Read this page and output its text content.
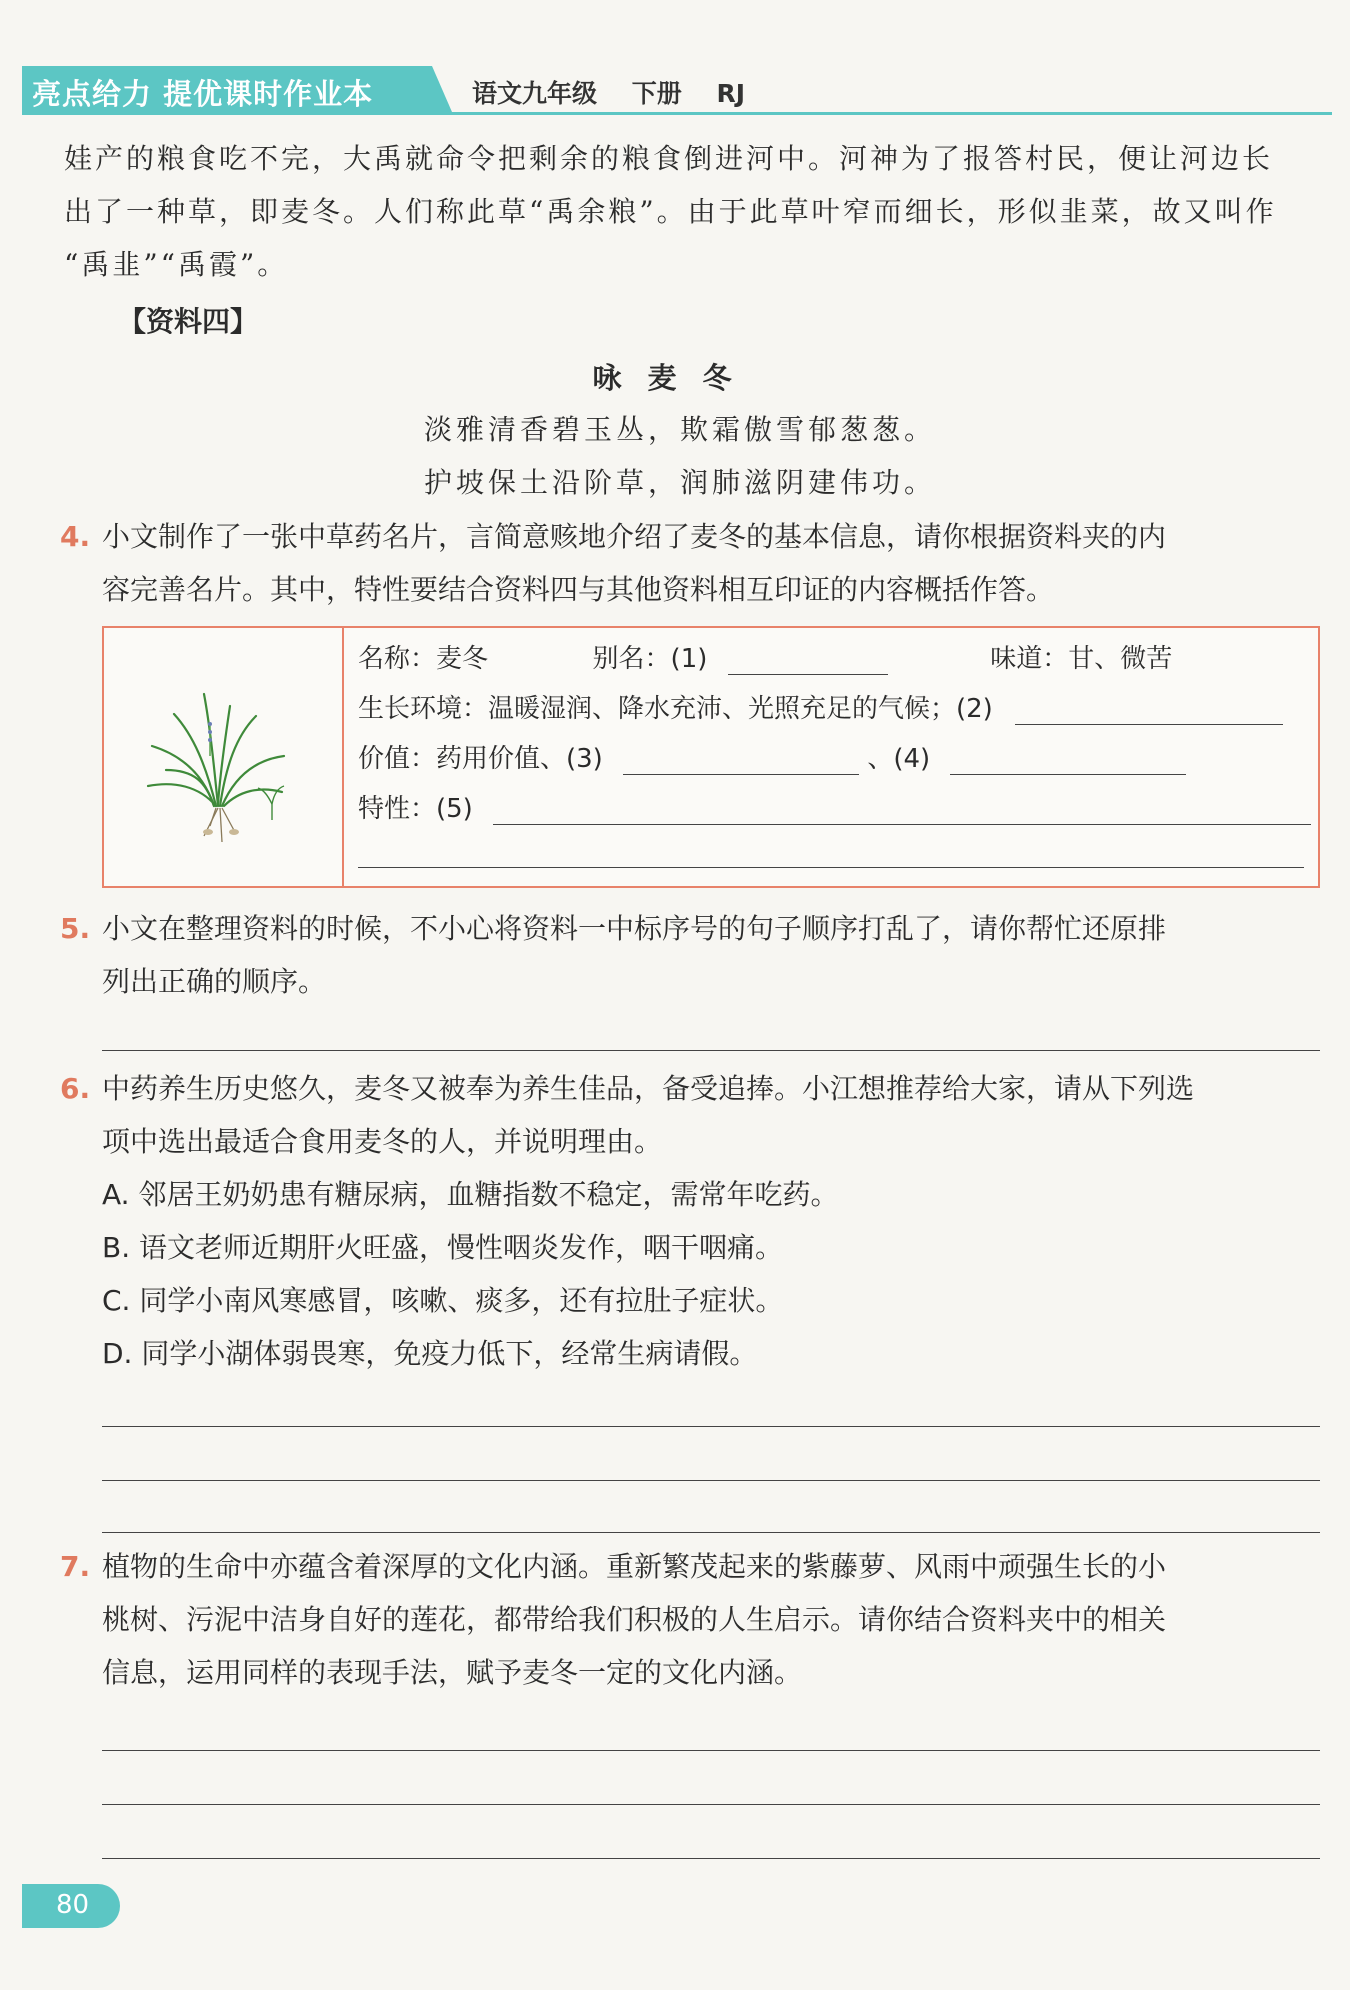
亮点给力 提优课时作业本	语文九年级 下册 RJ
娃产的粮食吃不完，大禹就命令把剩余的粮食倒进河中。河神为了报答村民，便让河边长
出了一种草，即麦冬。人们称此草“禹余粮”。由于此草叶窄而细长，形似韭菜，故又叫作
“禹韭”“禹霞”。
【资料四】
咏麦冬
淡雅清香碧玉丛，欺霜傲雪郁葱葱。
护坡保土沿阶草，润肺滋阴建伟功。
4. 小文制作了一张中草药名片，言简意赅地介绍了麦冬的基本信息，请你根据资料夹的内
容完善名片。其中，特性要结合资料四与其他资料相互印证的内容概括作答。
名称：麦冬	别名：(1)	味道：甘、微苦
生长环境：温暖湿润、降水充沛、光照充足的气候；(2)
价值：药用价值、(3)	、(4)
特性：(5)
5. 小文在整理资料的时候，不小心将资料一中标序号的句子顺序打乱了，请你帮忙还原排
列出正确的顺序。
6. 中药养生历史悠久，麦冬又被奉为养生佳品，备受追捧。小江想推荐给大家，请从下列选
项中选出最适合食用麦冬的人，并说明理由。
A. 邻居王奶奶患有糖尿病，血糖指数不稳定，需常年吃药。
B. 语文老师近期肝火旺盛，慢性咽炎发作，咽干咽痛。
C. 同学小南风寒感冒，咳嗽、痰多，还有拉肚子症状。
D. 同学小湖体弱畏寒，免疫力低下，经常生病请假。
7. 植物的生命中亦蕴含着深厚的文化内涵。重新繁茂起来的紫藤萝、风雨中顽强生长的小
桃树、污泥中洁身自好的莲花，都带给我们积极的人生启示。请你结合资料夹中的相关
信息，运用同样的表现手法，赋予麦冬一定的文化内涵。
80
